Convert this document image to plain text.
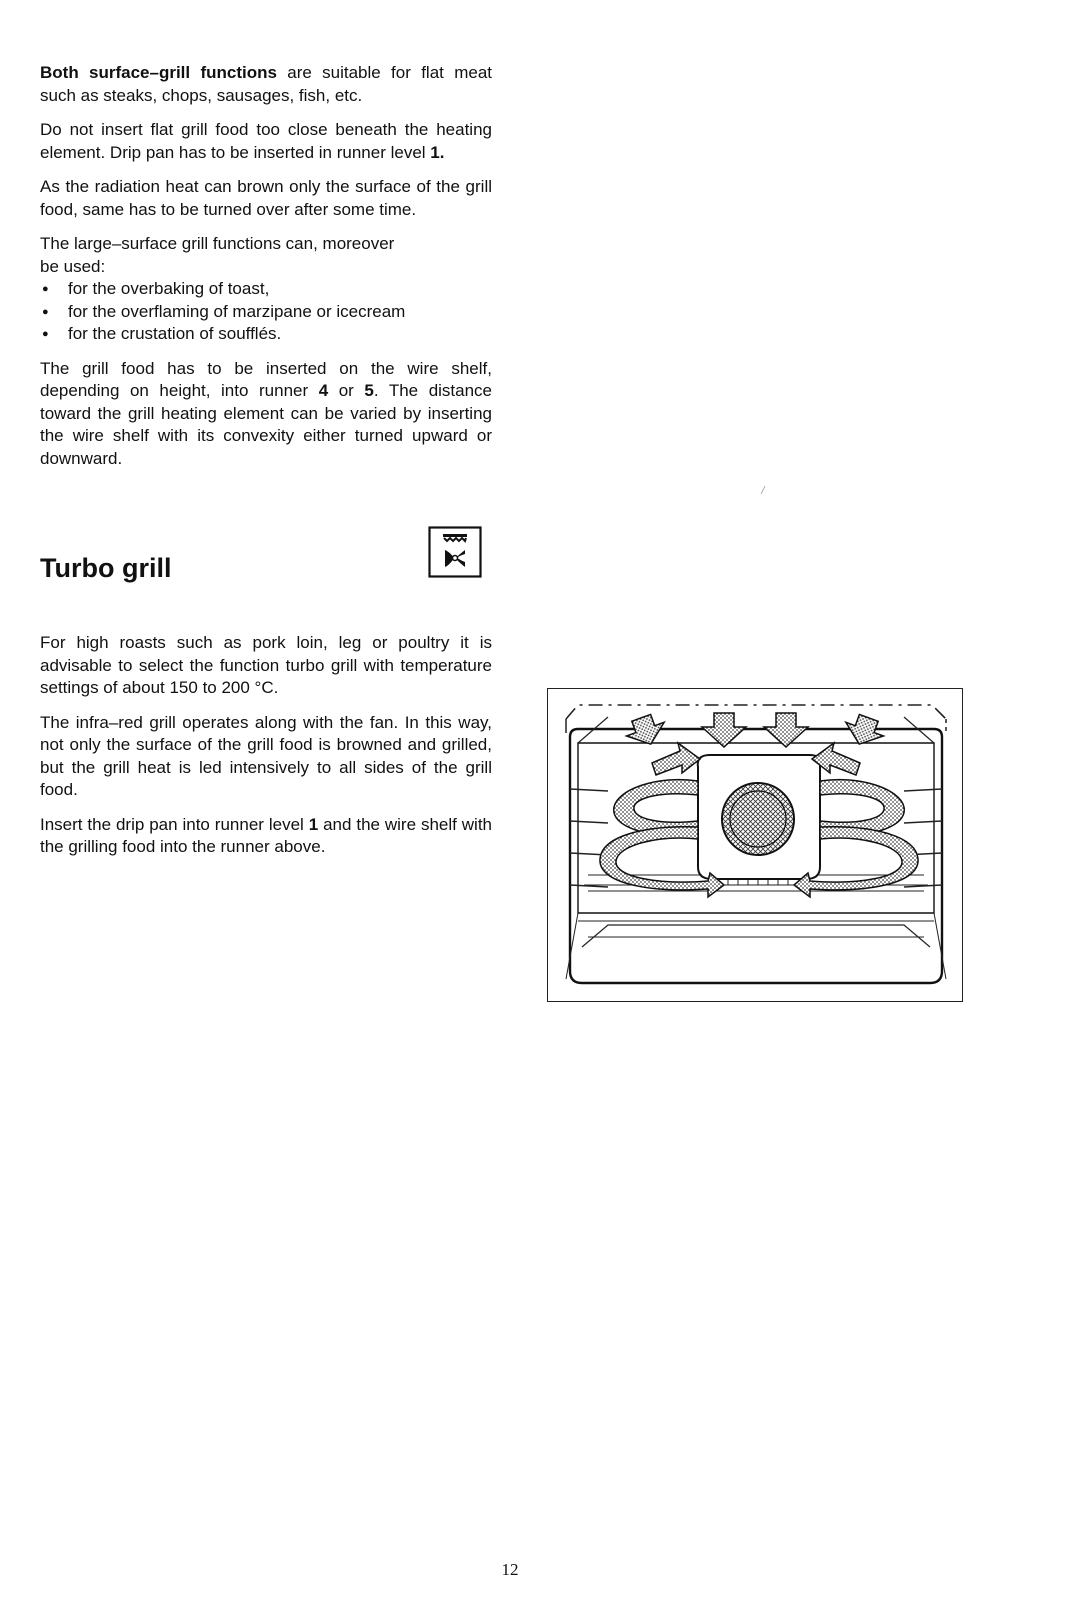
Both surface–grill functions are suitable for flat meat such as steaks, chops, sausages, fish, etc.

Do not insert flat grill food too close beneath the heating element. Drip pan has to be inserted in runner level 1.

As the radiation heat can brown only the surface of the grill food, same has to be turned over after some time.

The large–surface grill functions can, moreover
be used:
● for the overbaking of toast,
● for the overflaming of marzipane or icecream
● for the crustation of soufflés.

The grill food has to be inserted on the wire shelf, depending on height, into runner 4 or 5. The distance toward the grill heating element can be varied by inserting the wire shelf with its convexity either turned upward or downward.

Turbo grill

For high roasts such as pork loin, leg or poultry it is advisable to select the function turbo grill with temperature settings of about 150 to 200 °C.

The infra–red grill operates along with the fan. In this way, not only the surface of the grill food is browned and grilled, but the grill heat is led intensively to all sides of the grill food.

Insert the drip pan into runner level 1 and the wire shelf with the grilling food into the runner above.

12
